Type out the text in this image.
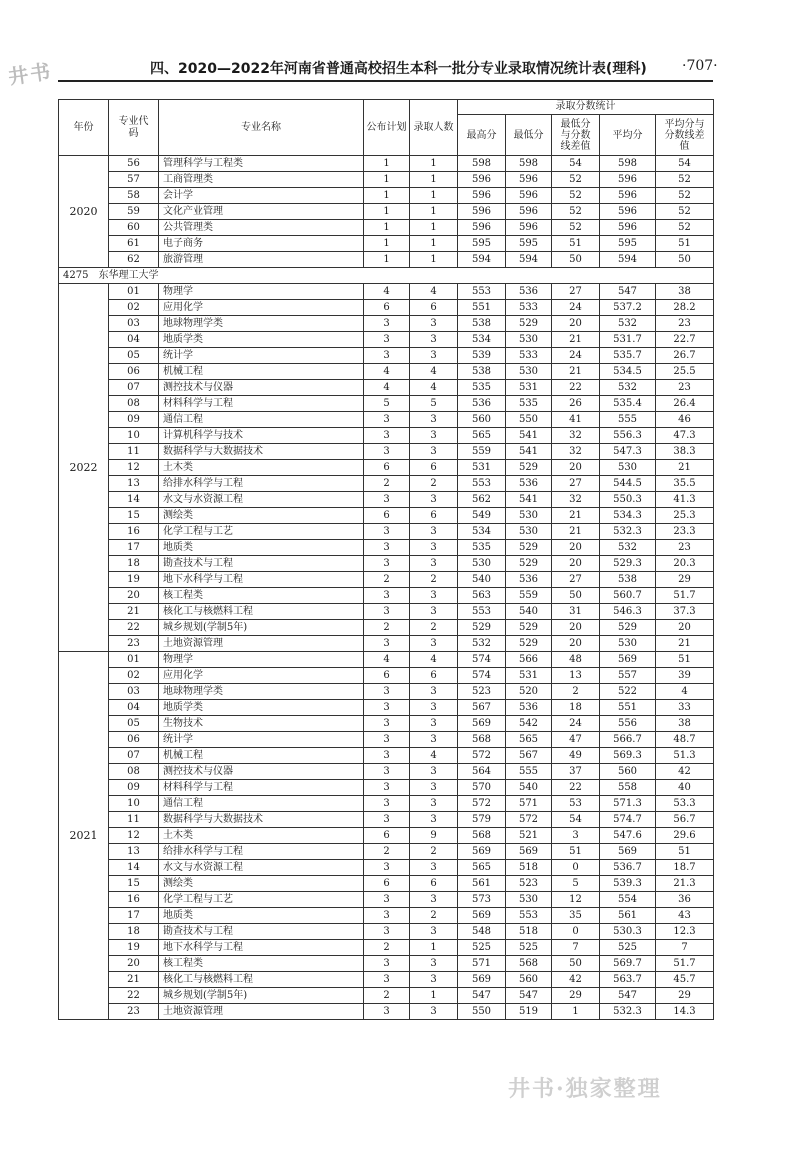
井书	四、2020—2022年河南省普通高校招生本科一批分专业录取情况统计表(理科)	·707·
年份	专业代码	专业名称	公布计划	录取人数	录取分数统计				
					最高分	最低分	最低分与分数线差值	平均分	平均分与分数线差值
2020	56	管理科学与工程类	1	1	598	598	54	598	54
	57	工商管理类	1	1	596	596	52	596	52
	58	会计学	1	1	596	596	52	596	52
	59	文化产业管理	1	1	596	596	52	596	52
	60	公共管理类	1	1	596	596	52	596	52
	61	电子商务	1	1	595	595	51	595	51
	62	旅游管理	1	1	594	594	50	594	50
4275　东华理工大学									
2022	01	物理学	4	4	553	536	27	547	38
	02	应用化学	6	6	551	533	24	537.2	28.2
	03	地球物理学类	3	3	538	529	20	532	23
	04	地质学类	3	3	534	530	21	531.7	22.7
	05	统计学	3	3	539	533	24	535.7	26.7
	06	机械工程	4	4	538	530	21	534.5	25.5
	07	测控技术与仪器	4	4	535	531	22	532	23
	08	材料科学与工程	5	5	536	535	26	535.4	26.4
	09	通信工程	3	3	560	550	41	555	46
	10	计算机科学与技术	3	3	565	541	32	556.3	47.3
	11	数据科学与大数据技术	3	3	559	541	32	547.3	38.3
	12	土木类	6	6	531	529	20	530	21
	13	给排水科学与工程	2	2	553	536	27	544.5	35.5
	14	水文与水资源工程	3	3	562	541	32	550.3	41.3
	15	测绘类	6	6	549	530	21	534.3	25.3
	16	化学工程与工艺	3	3	534	530	21	532.3	23.3
	17	地质类	3	3	535	529	20	532	23
	18	勘查技术与工程	3	3	530	529	20	529.3	20.3
	19	地下水科学与工程	2	2	540	536	27	538	29
	20	核工程类	3	3	563	559	50	560.7	51.7
	21	核化工与核燃料工程	3	3	553	540	31	546.3	37.3
	22	城乡规划(学制5年)	2	2	529	529	20	529	20
	23	土地资源管理	3	3	532	529	20	530	21
2021	01	物理学	4	4	574	566	48	569	51
	02	应用化学	6	6	574	531	13	557	39
	03	地球物理学类	3	3	523	520	2	522	4
	04	地质学类	3	3	567	536	18	551	33
	05	生物技术	3	3	569	542	24	556	38
	06	统计学	3	3	568	565	47	566.7	48.7
	07	机械工程	3	4	572	567	49	569.3	51.3
	08	测控技术与仪器	3	3	564	555	37	560	42
	09	材料科学与工程	3	3	570	540	22	558	40
	10	通信工程	3	3	572	571	53	571.3	53.3
	11	数据科学与大数据技术	3	3	579	572	54	574.7	56.7
	12	土木类	6	9	568	521	3	547.6	29.6
	13	给排水科学与工程	2	2	569	569	51	569	51
	14	水文与水资源工程	3	3	565	518	0	536.7	18.7
	15	测绘类	6	6	561	523	5	539.3	21.3
	16	化学工程与工艺	3	3	573	530	12	554	36
	17	地质类	3	2	569	553	35	561	43
	18	勘查技术与工程	3	3	548	518	0	530.3	12.3
	19	地下水科学与工程	2	1	525	525	7	525	7
	20	核工程类	3	3	571	568	50	569.7	51.7
	21	核化工与核燃料工程	3	3	569	560	42	563.7	45.7
	22	城乡规划(学制5年)	2	1	547	547	29	547	29
	23	土地资源管理	3	3	550	519	1	532.3	14.3
井书·独家整理
